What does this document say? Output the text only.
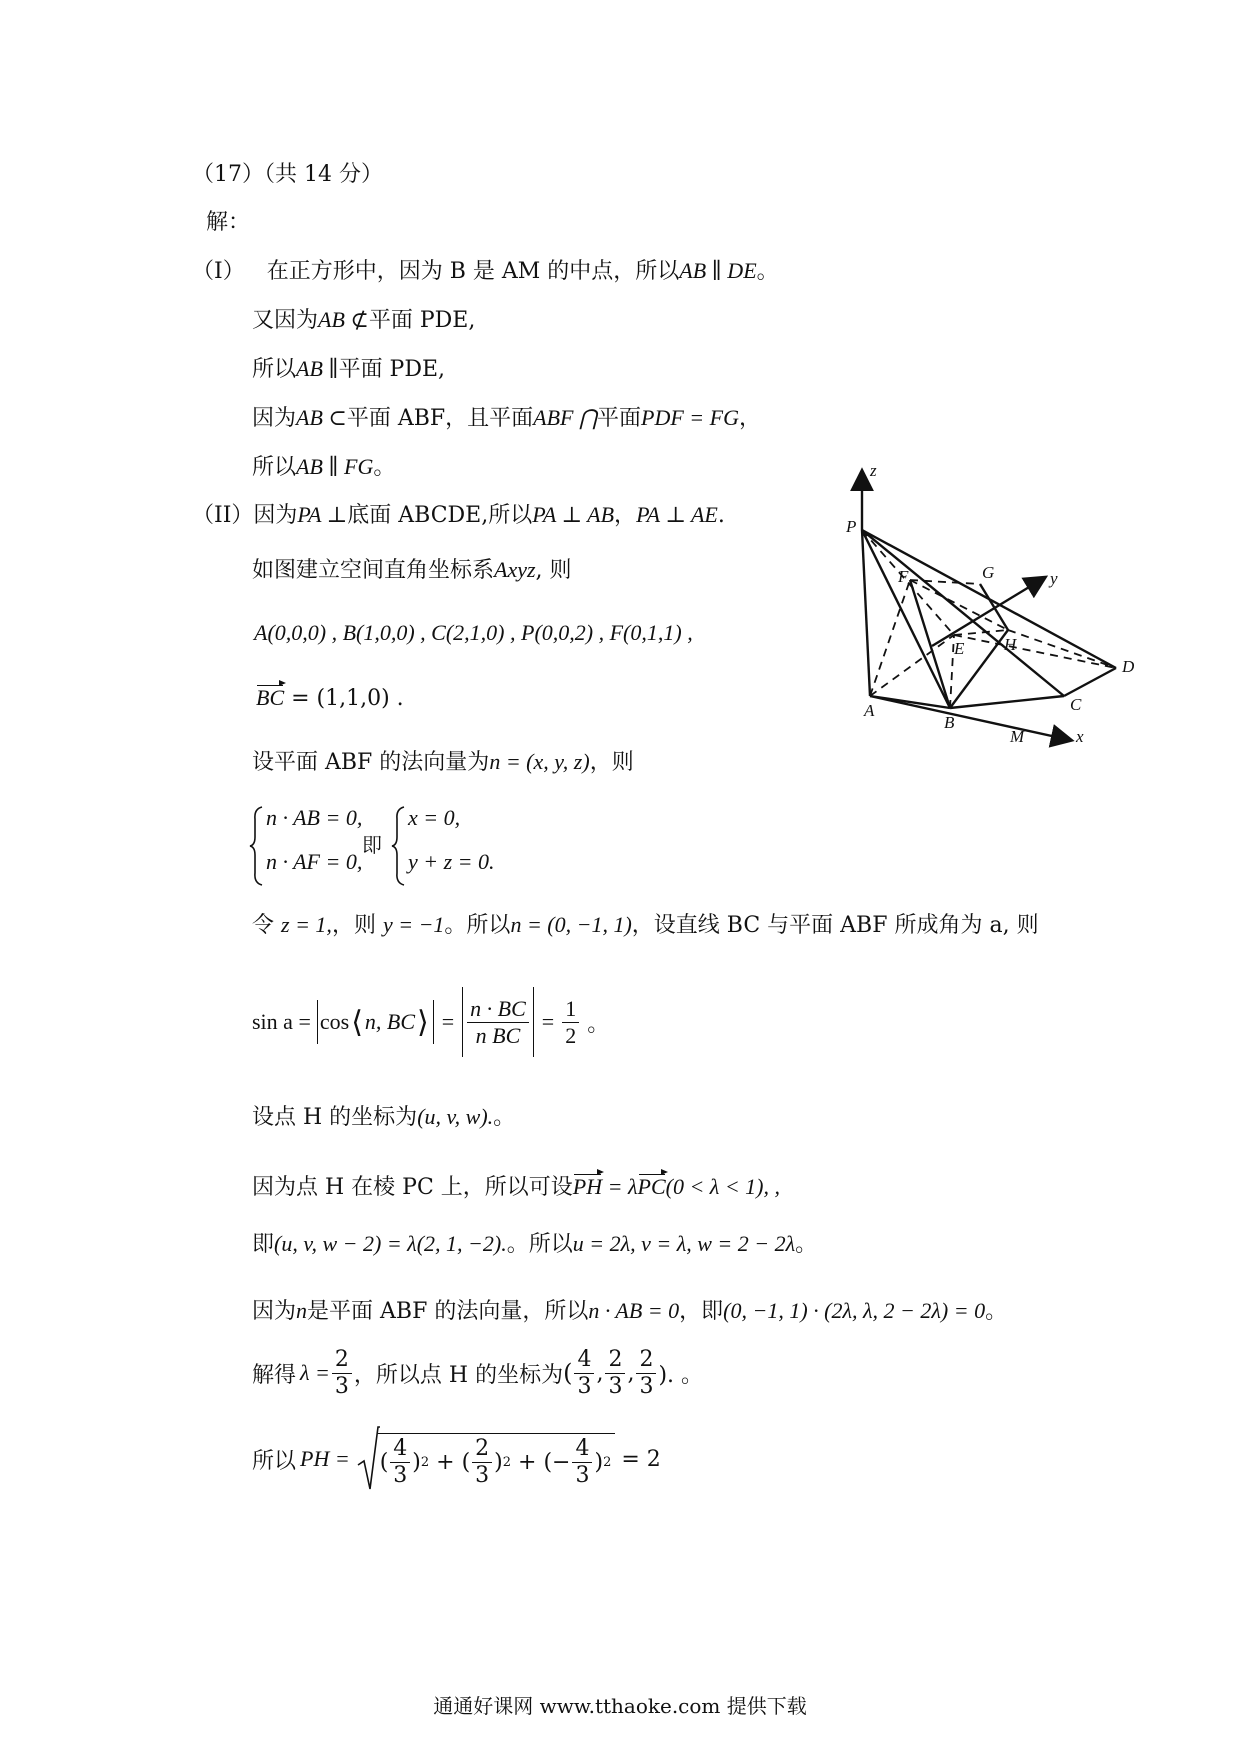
（17）（共 14 分）
解：
（I） 在正方形中，因为 B 是 AM 的中点，所以AB ∥ DE。
又因为AB ⊄平面 PDE,
所以AB ∥平面 PDE,
因为AB ⊂平面 ABF，且平面ABF ⋂平面PDF = FG，
所以AB ∥ FG。
（II）因为PA ⊥底面 ABCDE,所以PA ⊥ AB，PA ⊥ AE.
如图建立空间直角坐标系Axyz, 则
A(0,0,0) , B(1,0,0) , C(2,1,0) , P(0,0,2) , F(0,1,1) ,
BC = (1,1,0) .
设平面 ABF 的法向量为n = (x, y, z)，则
n · AB = 0,
n · AF = 0,
即
x = 0,
y + z = 0.
令 z = 1,，则 y = −1。所以n = (0, −1, 1)，设直线 BC 与平面 ABF 所成角为 a, 则
sin a = cos ⟨ n, BC ⟩ = $\frac{n \cdot BC}{\text{n BC}} = \frac{1}{2}$ 。
设点 H 的坐标为(u, v, w).。
因为点 H 在棱 PC 上，所以可设PH = λPC(0 < λ < 1), ,
即(u, v, w − 2) = λ(2, 1, −2).。所以u = 2λ, v = λ, w = 2 − 2λ。
因为n是平面 ABF 的法向量，所以n · AB = 0，即(0, −1, 1) · (2λ, λ, 2 − 2λ) = 0。
解得 $\lambda = \frac{2}{3}$ ，所以点 H 的坐标为 ( $\frac{4}{3}$ , $\frac{2}{3}$ , $\frac{2}{3}$ ). 。
所以 PH = ( $\frac{4}{3}$ ) 2 + ( $\frac{2}{3}$ ) 2 + (− $\frac{4}{3}$ ) 2 = 2
z
P
F	G	y
H
E
D
A
B
C
M	x
通通好课网 www.tthaoke.com 提供下载
